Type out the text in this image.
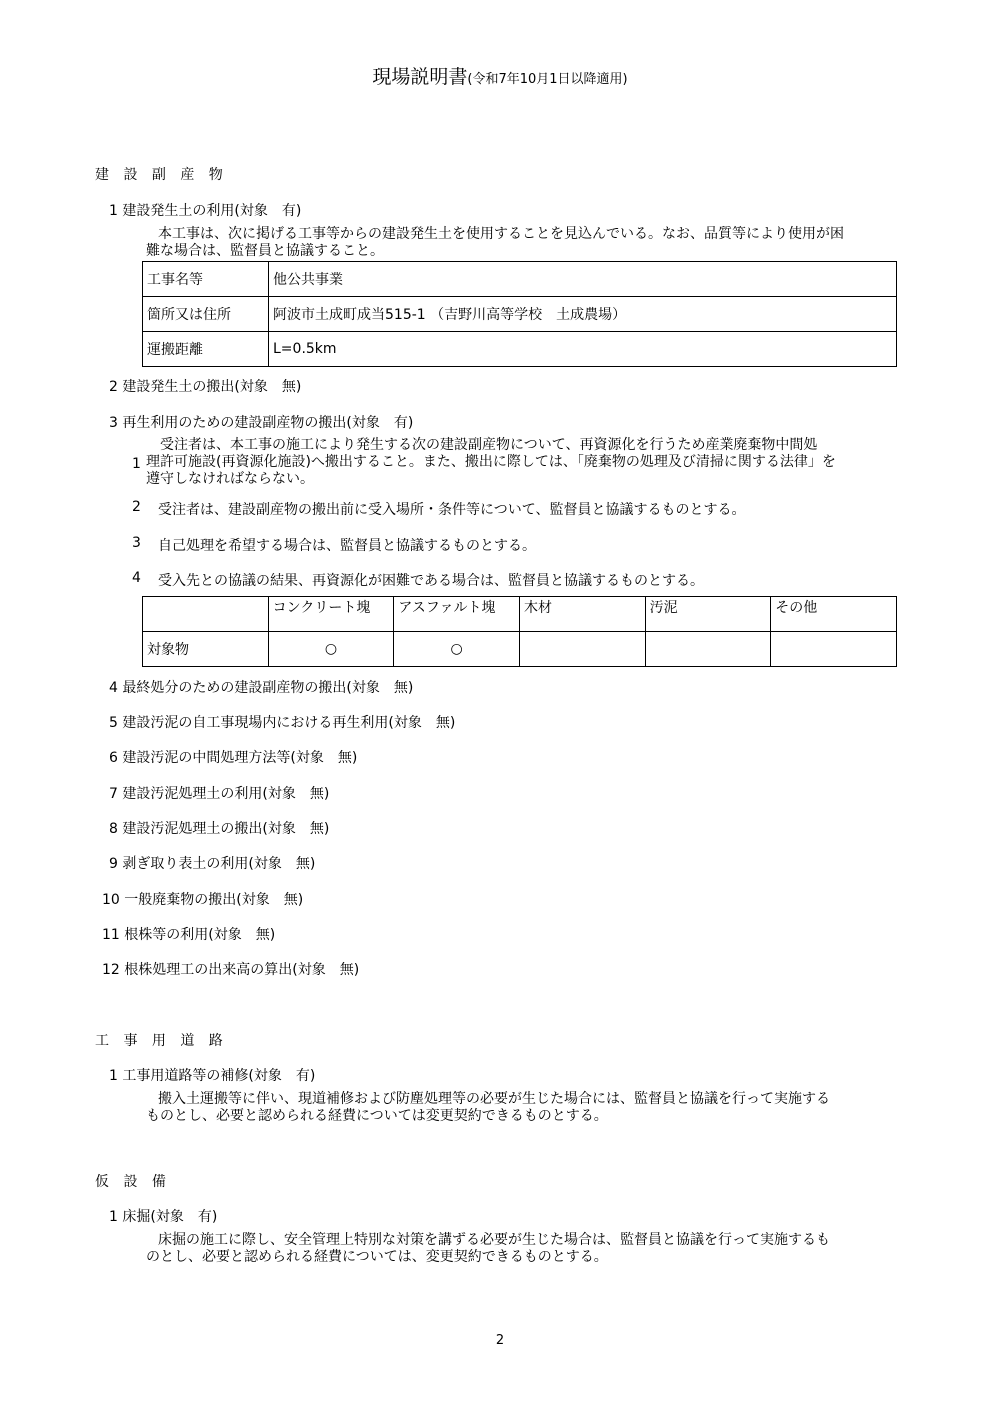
現場説明書(令和7年10月1日以降適用)
建 設 副 産 物
1 建設発生土の利用(対象　有)
本工事は、次に掲げる工事等からの建設発生土を使用することを見込んでいる。なお、品質等により使用が困
難な場合は、監督員と協議すること。
工事名等	他公共事業
箇所又は住所	阿波市土成町成当515-1 （吉野川高等学校　土成農場）
運搬距離	L=0.5km
2 建設発生土の搬出(対象　無)
3 再生利用のための建設副産物の搬出(対象　有)
1
　受注者は、本工事の施工により発生する次の建設副産物について、再資源化を行うため産業廃棄物中間処
理許可施設(再資源化施設)へ搬出すること。また、搬出に際しては、「廃棄物の処理及び清掃に関する法律」を
遵守しなければならない。
2 受注者は、建設副産物の搬出前に受入場所・条件等について、監督員と協議するものとする。
3 自己処理を希望する場合は、監督員と協議するものとする。
4 受入先との協議の結果、再資源化が困難である場合は、監督員と協議するものとする。
	コンクリート塊	アスファルト塊	木材	汚泥	その他
対象物	○	○			
4 最終処分のための建設副産物の搬出(対象　無)
5 建設汚泥の自工事現場内における再生利用(対象　無)
6 建設汚泥の中間処理方法等(対象　無)
7 建設汚泥処理土の利用(対象　無)
8 建設汚泥処理土の搬出(対象　無)
9 剥ぎ取り表土の利用(対象　無)
10 一般廃棄物の搬出(対象　無)
11 根株等の利用(対象　無)
12 根株処理工の出来高の算出(対象　無)
工 事 用 道 路
1 工事用道路等の補修(対象　有)
搬入土運搬等に伴い、現道補修および防塵処理等の必要が生じた場合には、監督員と協議を行って実施する
ものとし、必要と認められる経費については変更契約できるものとする。
仮 設 備
1 床掘(対象　有)
床掘の施工に際し、安全管理上特別な対策を講ずる必要が生じた場合は、監督員と協議を行って実施するも
のとし、必要と認められる経費については、変更契約できるものとする。
2
